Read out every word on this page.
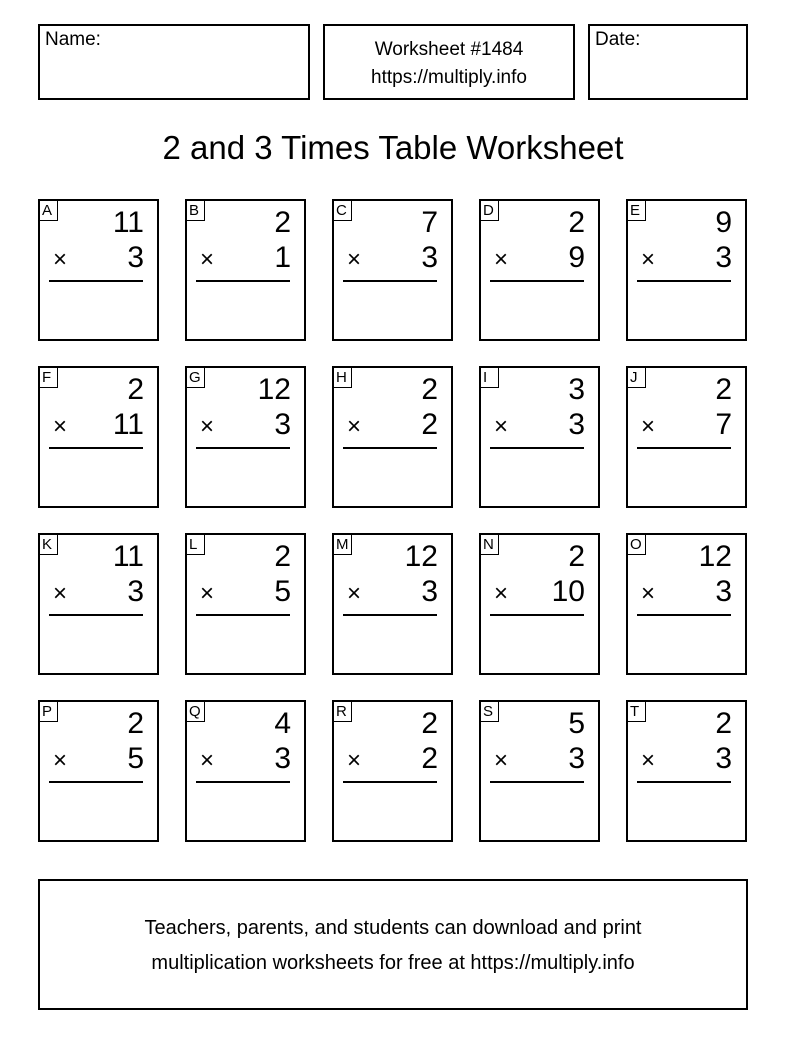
Name:	Worksheet #1484
https://multiply.info
Date:
2 and 3 Times Table Worksheet
A 11
× 3
B	2
× 1
C 7
× 3
D 2
× 9
E	9
× 3
F	2
× 11
G 12
× 3
H 2
× 2
I	3
× 3
J	2
× 7
K 11
× 3
L	2
× 5
M 12
× 3
N 2
× 10
O 12
× 3
P	2
× 5
Q 4
× 3
R 2
× 2
S	5
× 3
T	2
× 3
Teachers, parents, and students can download and print
multiplication worksheets for free at https://multiply.info
